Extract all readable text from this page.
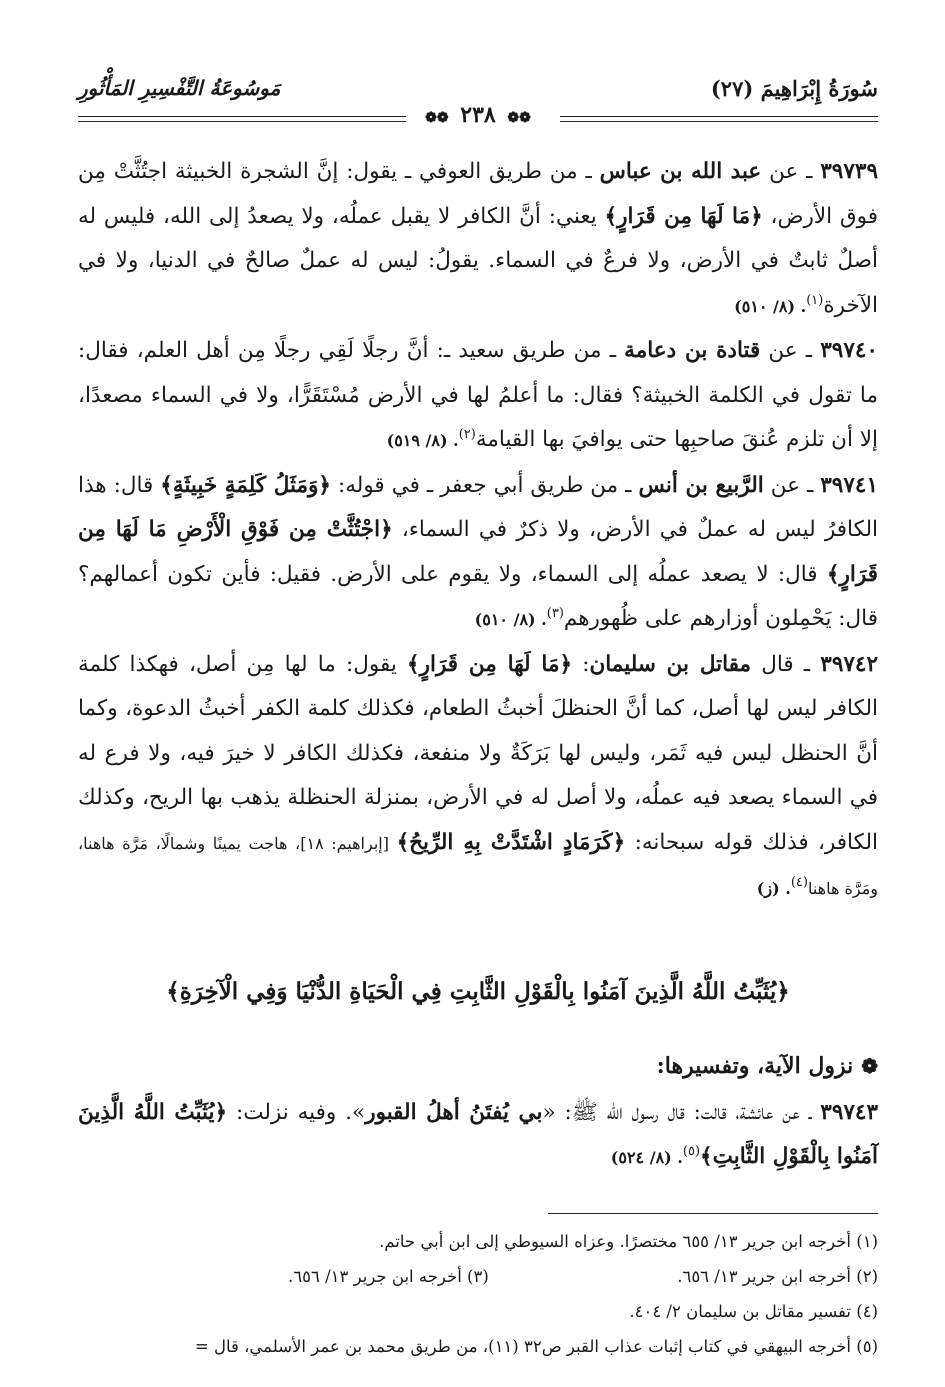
سُورَةُ إِبْرَاهِيمَ (٢٧)
مَوسُوعَةُ التَّفْسِيرِ المَأْثُورِ
❁❁ ٢٣٨ ❁❁

٣٩٧٣٩ ـ عن عبد الله بن عباس ـ من طريق العوفي ـ يقول: إنَّ الشجرة الخبيثة اجتُثَّتْ مِن فوق الأرض، ﴿مَا لَهَا مِن قَرَارٍ﴾ يعني: أنَّ الكافر لا يقبل عملُه، ولا يصعدُ إلى الله، فليس له أصلٌ ثابتٌ في الأرض، ولا فرعٌ في السماء. يقولُ: ليس له عملٌ صالحٌ في الدنيا، ولا في الآخرة$^{(١)}$. (٨/ ٥١٠)

٣٩٧٤٠ ـ عن قتادة بن دعامة ـ من طريق سعيد ـ: أنَّ رجلًا لَقِي رجلًا مِن أهل العلم، فقال: ما تقول في الكلمة الخبيثة؟ فقال: ما أعلمُ لها في الأرض مُسْتَقَرًّا، ولا في السماء مصعدًا، إلا أن تلزم عُنقَ صاحبِها حتى يوافيَ بها القيامة$^{(٢)}$. (٨/ ٥١٩)

٣٩٧٤١ ـ عن الرَّبيع بن أنس ـ من طريق أبي جعفر ـ في قوله: ﴿وَمَثَلُ كَلِمَةٍ خَبِيثَةٍ﴾ قال: هذا الكافرُ ليس له عملٌ في الأرض، ولا ذكرٌ في السماء، ﴿اجْتُثَّتْ مِن فَوْقِ الْأَرْضِ مَا لَهَا مِن قَرَارٍ﴾ قال: لا يصعد عملُه إلى السماء، ولا يقوم على الأرض. فقيل: فأين تكون أعمالهم؟ قال: يَحْمِلون أوزارهم على ظُهورهم$^{(٣)}$. (٨/ ٥١٠)

٣٩٧٤٢ ـ قال مقاتل بن سليمان: ﴿مَا لَهَا مِن قَرَارٍ﴾ يقول: ما لها مِن أصل، فهكذا كلمة الكافر ليس لها أصل، كما أنَّ الحنظلَ أخبثُ الطعام، فكذلك كلمة الكفر أخبثُ الدعوة، وكما أنَّ الحنظل ليس فيه ثَمَر، وليس لها بَرَكَةٌ ولا منفعة، فكذلك الكافر لا خيرَ فيه، ولا فرع له في السماء يصعد فيه عملُه، ولا أصل له في الأرض، بمنزلة الحنظلة يذهب بها الريح، وكذلك الكافر، فذلك قوله سبحانه: ﴿كَرَمَادٍ اشْتَدَّتْ بِهِ الرِّيحُ﴾ [إبراهيم: ١٨]، هاجت يمينًا وشمالًا، مَرَّة هاهنا، ومَرَّة هاهنا$^{(٤)}$. (ز)

﴿يُثَبِّتُ اللَّهُ الَّذِينَ آمَنُوا بِالْقَوْلِ الثَّابِتِ فِي الْحَيَاةِ الدُّنْيَا وَفِي الْآخِرَةِ﴾
❁نزول الآية، وتفسيرها:

٣٩٧٤٣ ـ عن عائشة، قالت: قال رسول الله ﷺ: «بي يُفتَنُ أهلُ القبور». وفيه نزلت: ﴿يُثَبِّتُ اللَّهُ الَّذِينَ آمَنُوا بِالْقَوْلِ الثَّابِتِ﴾$^{(٥)}$. (٨/ ٥٢٤)

(١) أخرجه ابن جرير ١٣/ ٦٥٥ مختصرًا. وعزاه السيوطي إلى ابن أبي حاتم.
(٢) أخرجه ابن جرير ١٣/ ٦٥٦.
(٣) أخرجه ابن جرير ١٣/ ٦٥٦.
(٤) تفسير مقاتل بن سليمان ٢/ ٤٠٤.
(٥) أخرجه البيهقي في كتاب إثبات عذاب القبر ص٣٢ (١١)، من طريق محمد بن عمر الأسلمي، قال =
